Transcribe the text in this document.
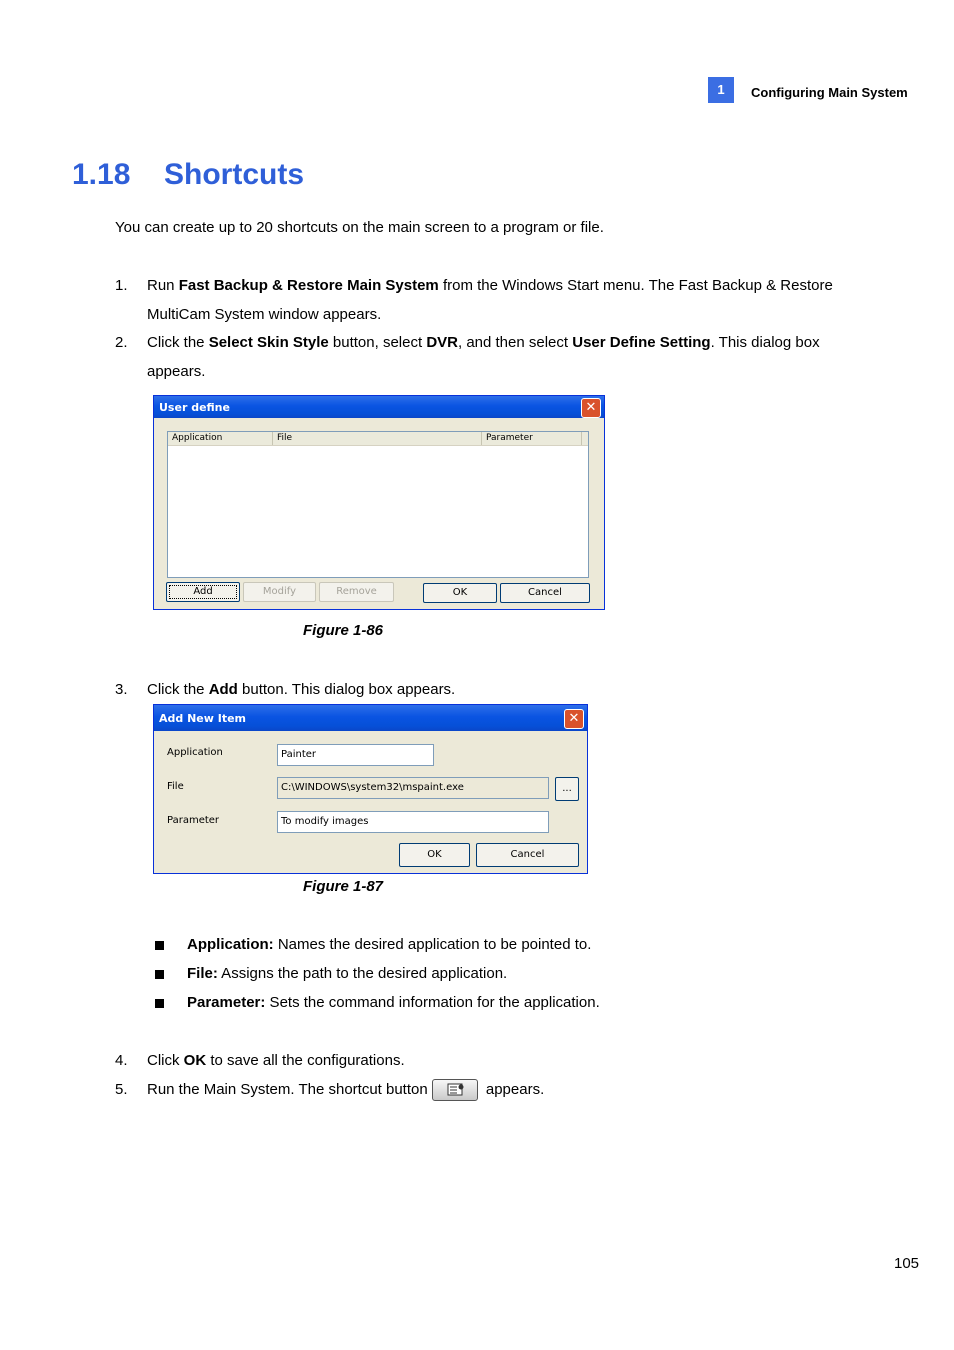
1	Configuring Main System
1.18 Shortcuts
You can create up to 20 shortcuts on the main screen to a program or file.
1.	Run Fast Backup & Restore Main System from the Windows Start menu. The Fast Backup & Restore MultiCam System window appears.
2.	Click the Select Skin Style button, select DVR, and then select User Define Setting. This dialog box appears.
User define	✕
Application	File	Parameter
Add	Modify	Remove	OK	Cancel
Figure 1-86
3.	Click the Add button. This dialog box appears.
Add New Item	✕
Application	Painter
File	C:\WINDOWS\system32\mspaint.exe	...
Parameter	To modify images
OK	Cancel
Figure 1-87
Application: Names the desired application to be pointed to.
File: Assigns the path to the desired application.
Parameter: Sets the command information for the application.
4.	Click OK to save all the configurations.
5.	Run the Main System. The shortcut button	appears.
105
